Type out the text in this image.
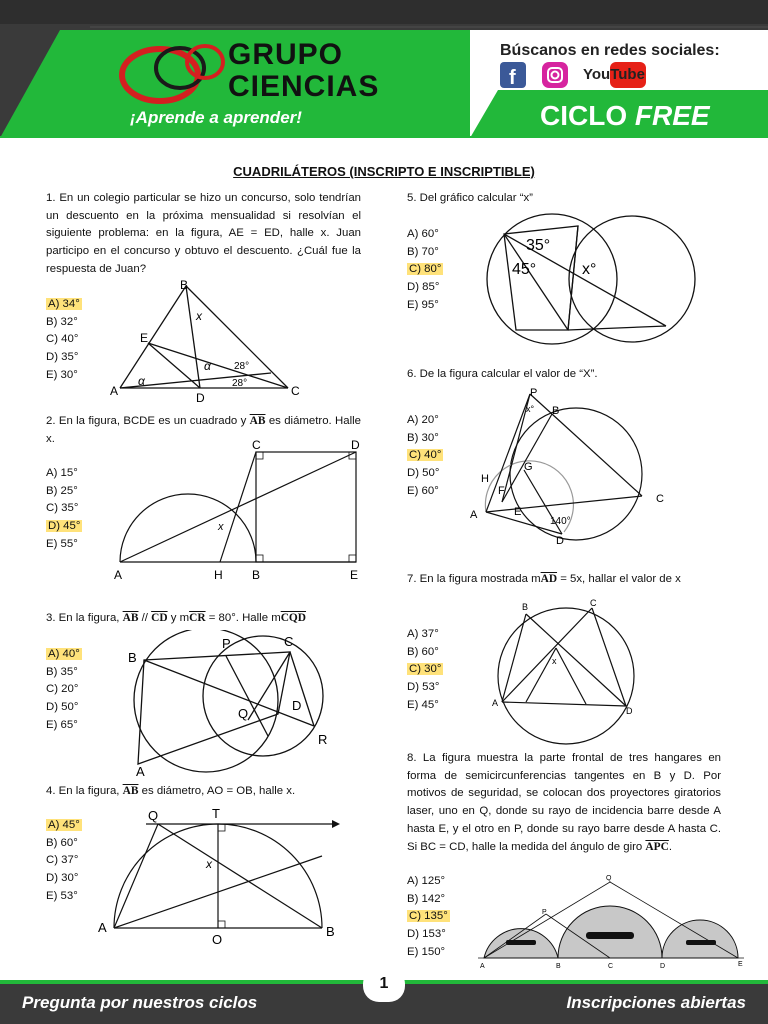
f
GRUPO
CIENCIAS
¡Aprende a aprender!
Búscanos en redes sociales:
YouTube
CICLO FREE
CUADRILÁTEROS (INSCRIPTO E INSCRIPTIBLE)
1. En un colegio particular se hizo un concurso, solo tendrían un descuento en la próxima mensualidad si resolvían el siguiente problema: en la figura, AE = ED, halle x. Juan participo en el concurso y obtuvo el descuento. ¿Cuál fue la respuesta de Juan?
A) 34°
B) 32°
C) 40°
D) 35°
E) 30°
B
x
E
α 28°
28°
α
A	D	C
2. En la figura, BCDE es un cuadrado y $\overline{AB}$ es diámetro. Halle x.
A) 15°
B) 25°
C) 35°
D) 45°
E) 55°
C	D
x
A	H B	E
3. En la figura, $\overline{AB} // \overline{CD}$ y $m\overline{CR} = 80^\circ$. Halle $m\overline{CQD}$
A) 40°
B) 35°
C) 20°
D) 50°
E) 65°
B
P	C
Q
D
R
A
4. En la figura, $\overline{AB}$ es diámetro, AO = OB, halle x.
A) 45°
B) 60°
C) 37°
D) 30°
E) 53°
Q	T
x
A
O
B
5. Del gráfico calcular “x”
A) 60°
B) 70°
C) 80°
D) 85°
E) 95°
35°
45°	x°
6. De la figura calcular el valor de “X”.
A) 20°
B) 30°
C) 40°
D) 50°
E) 60°
P
x° B
G
H
F
A	E
140°
C
D
7. En la figura mostrada $m\overline{AD} = 5x$, hallar el valor de x
A) 37°
B) 60°
C) 30°
D) 53°
E) 45°
B	C
x
A
D
8. La figura muestra la parte frontal de tres hangares en forma de semicircunferencias tangentes en B y D. Por motivos de seguridad, se colocan dos proyectores giratorios laser, uno en Q, donde su rayo de incidencia barre desde A hasta E, y el otro en P, donde su rayo barre desde A hasta C. Si BC = CD, halle la medida del ángulo de giro $\overline{APC}$.
A) 125°
B) 142°
C) 135°
D) 153°
E) 150°
Q
P
A	B	C	D	E
Pregunta por nuestros ciclos	Inscripciones abiertas
1
